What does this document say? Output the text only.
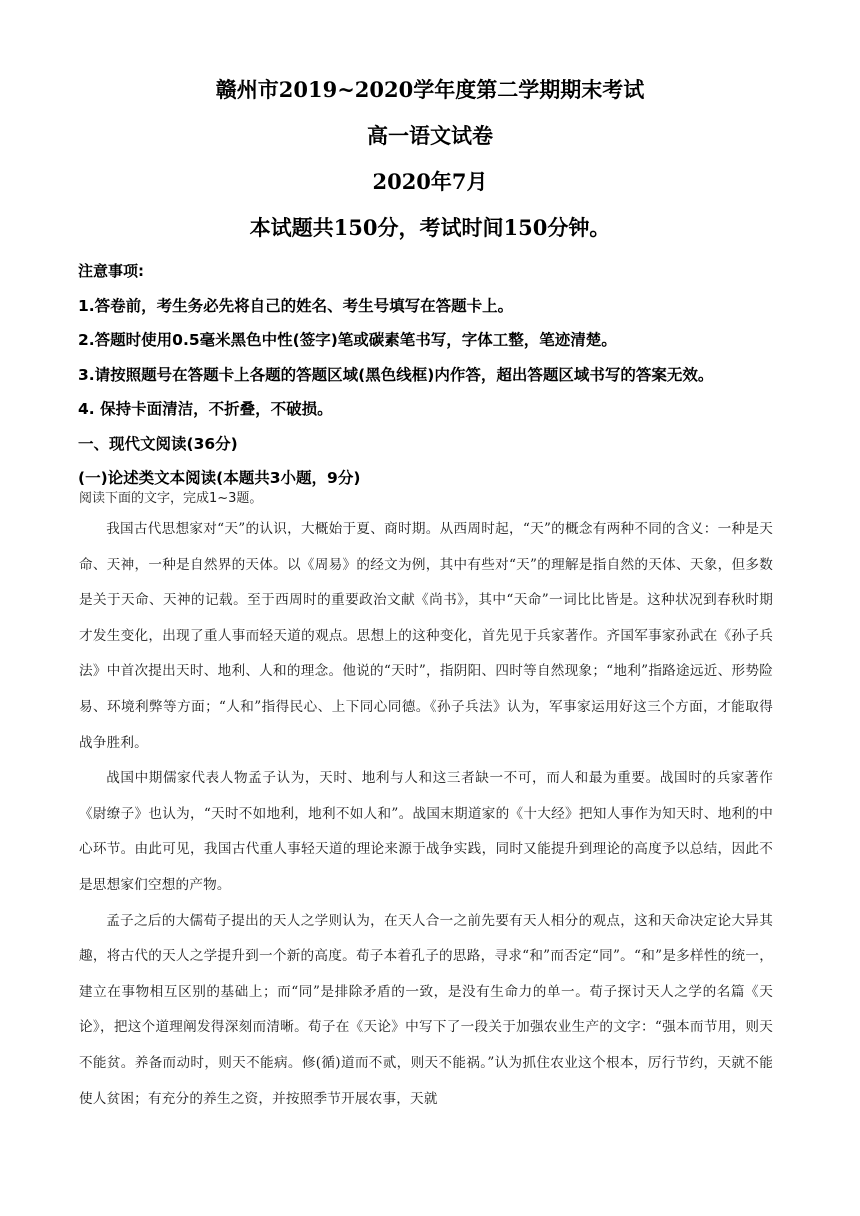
赣州市2019~2020学年度第二学期期末考试
高一语文试卷
2020年7月
本试题共150分，考试时间150分钟。
注意事项:
1.答卷前，考生务必先将自己的姓名、考生号填写在答题卡上。
2.答题时使用0.5毫米黑色中性(签字)笔或碳素笔书写，字体工整，笔迹清楚。
3.请按照题号在答题卡上各题的答题区域(黑色线框)内作答，超出答题区域书写的答案无效。
4. 保持卡面清洁，不折叠，不破损。
一、现代文阅读(36分)
(一)论述类文本阅读(本题共3小题，9分)
阅读下面的文字，完成1~3题。

我国古代思想家对“天”的认识，大概始于夏、商时期。从西周时起，“天”的概念有两种不同的含义：一种是天命、天神，一种是自然界的天体。以《周易》的经文为例，其中有些对“天”的理解是指自然的天体、天象，但多数是关于天命、天神的记载。至于西周时的重要政治文献《尚书》，其中“天命”一词比比皆是。这种状况到春秋时期才发生变化，出现了重人事而轻天道的观点。思想上的这种变化，首先见于兵家著作。齐国军事家孙武在《孙子兵法》中首次提出天时、地利、人和的理念。他说的“天时”，指阴阳、四时等自然现象；“地利”指路途远近、形势险易、环境利弊等方面；“人和”指得民心、上下同心同德。《孙子兵法》认为，军事家运用好这三个方面，才能取得战争胜利。

战国中期儒家代表人物孟子认为，天时、地利与人和这三者缺一不可，而人和最为重要。战国时的兵家著作《尉缭子》也认为，“天时不如地利，地利不如人和”。战国末期道家的《十大经》把知人事作为知天时、地利的中心环节。由此可见，我国古代重人事轻天道的理论来源于战争实践，同时又能提升到理论的高度予以总结，因此不是思想家们空想的产物。

孟子之后的大儒荀子提出的天人之学则认为，在天人合一之前先要有天人相分的观点，这和天命决定论大异其趣，将古代的天人之学提升到一个新的高度。荀子本着孔子的思路，寻求“和”而否定“同”。“和”是多样性的统一，建立在事物相互区别的基础上；而“同”是排除矛盾的一致，是没有生命力的单一。荀子探讨天人之学的名篇《天论》，把这个道理阐发得深刻而清晰。荀子在《天论》中写下了一段关于加强农业生产的文字：“强本而节用，则天不能贫。养备而动时，则天不能病。修(循)道而不贰，则天不能祸。”认为抓住农业这个根本，厉行节约，天就不能使人贫困；有充分的养生之资，并按照季节开展农事，天就
